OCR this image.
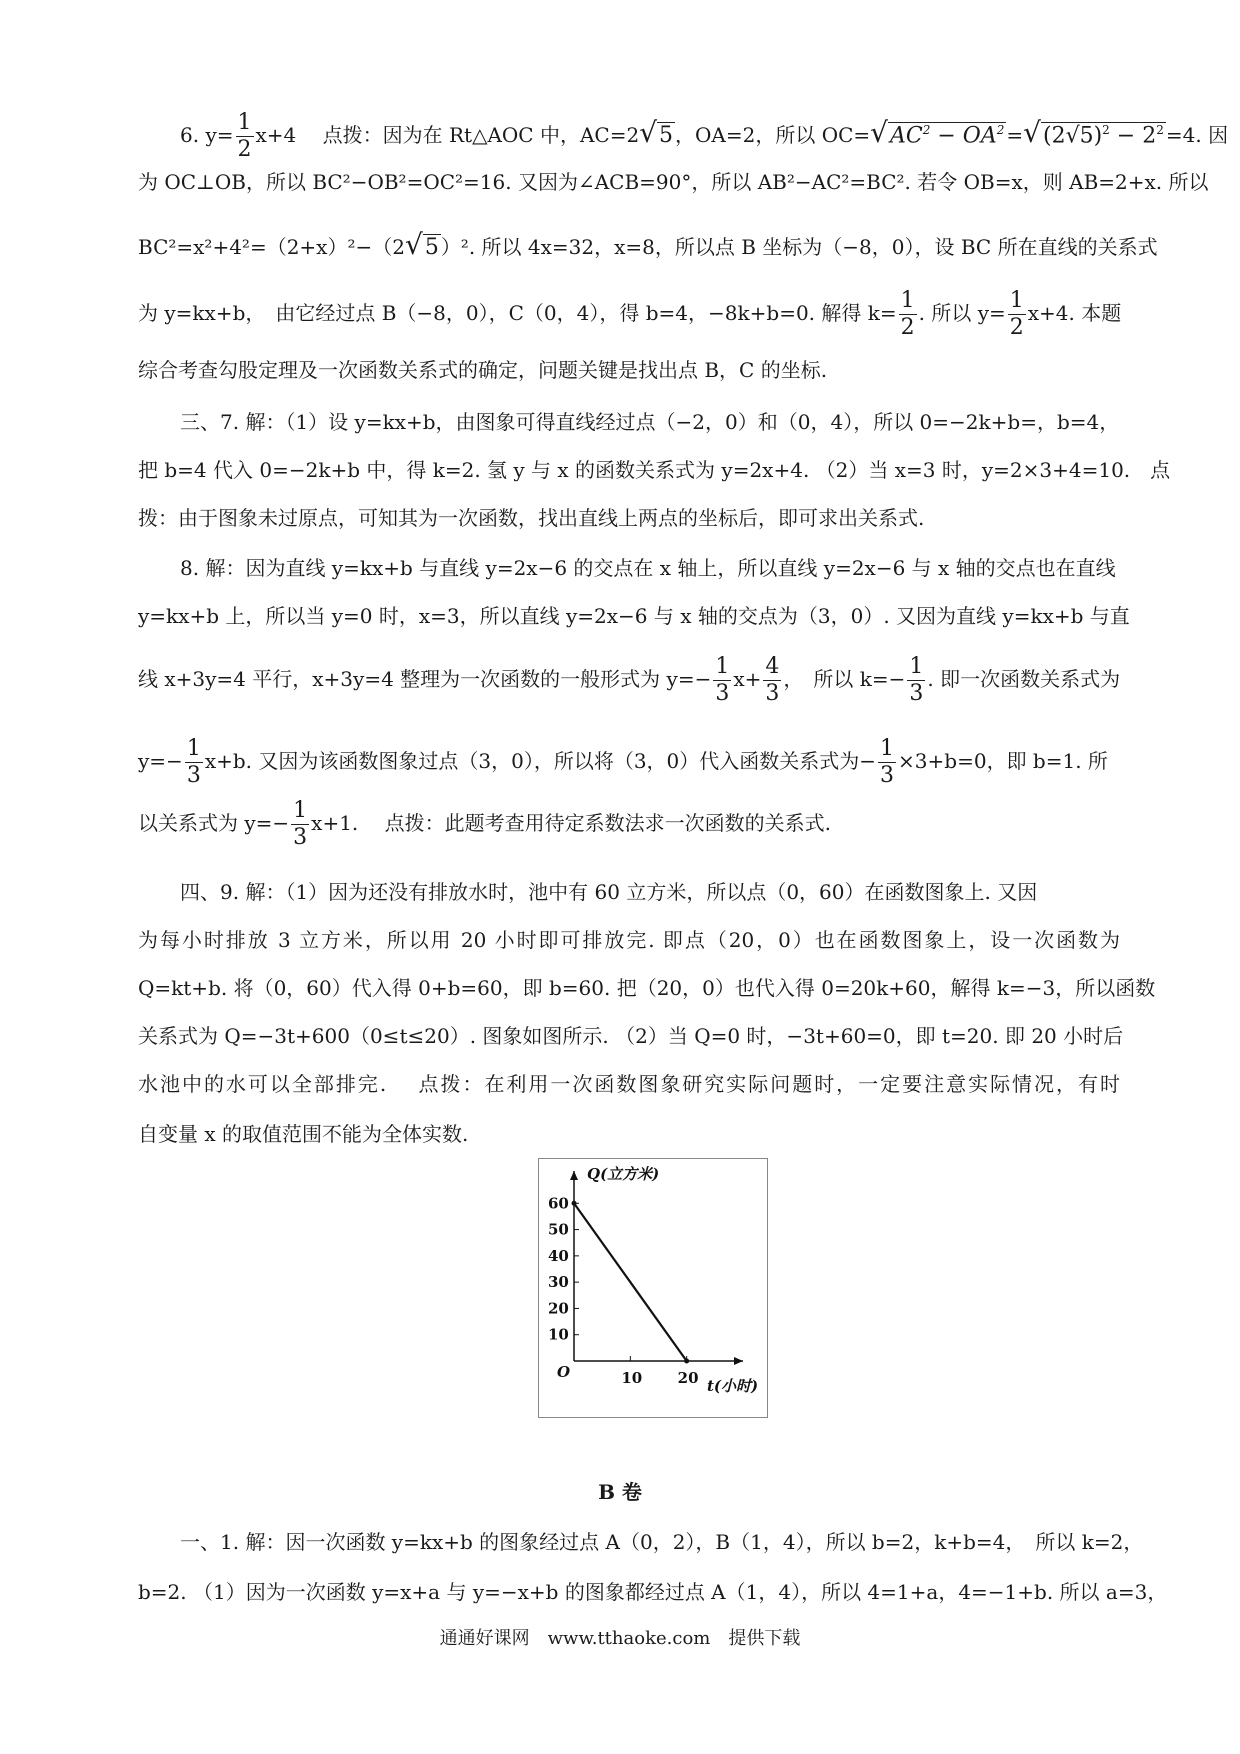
6. $y= \frac{1}{2} x+4$　 点拨：因为在 Rt△AOC 中，AC=2√5 ，OA=2，所以 $OC=√AC^2 - OA^2 =√(2√5)^2 - 2^2 =4$. 因
为 OC⊥OB，所以 BC²−OB²=OC²=16. 又因为∠ACB=90°，所以 AB²−AC²=BC². 若令 OB=x，则 AB=2+x. 所以
BC²=x²+4²=（2+x）²−（2√5 ）². 所以 4x=32，x=8，所以点 B 坐标为（−8，0），设 BC 所在直线的关系式
为 y=kx+b，　由它经过点 B（−8，0），C（0，4），得 b=4，−8k+b=0. 解得 $k= \frac{1}{2}$ . 所以 $y= \frac{1}{2} x+4$. 本题
综合考查勾股定理及一次函数关系式的确定，问题关键是找出点 B，C 的坐标.
三、7. 解：（1）设 y=kx+b，由图象可得直线经过点（−2，0）和（0，4），所以 0=−2k+b=，b=4，
把 b=4 代入 0=−2k+b 中，得 k=2. 氢 y 与 x 的函数关系式为 y=2x+4. （2）当 x=3 时，y=2×3+4=10.　点
拨：由于图象未过原点，可知其为一次函数，找出直线上两点的坐标后，即可求出关系式.
8. 解：因为直线 y=kx+b 与直线 y=2x−6 的交点在 x 轴上，所以直线 y=2x−6 与 x 轴的交点也在直线
y=kx+b 上，所以当 y=0 时，x=3，所以直线 y=2x−6 与 x 轴的交点为（3，0）. 又因为直线 y=kx+b 与直
线 x+3y=4 平行，x+3y=4 整理为一次函数的一般形式为 $y=- \frac{1}{3} x+ \frac{4}{3}$ ，　所以 $k=- \frac{1}{3}$ . 即一次函数关系式为
$y=- \frac{1}{3} x+b$. 又因为该函数图象过点（3，0），所以将（3，0）代入函数关系式为− $\frac{1}{3} \times 3+b=0$，即 b=1. 所
以关系式为 $y=- \frac{1}{3} x+1$.　 点拨：此题考查用待定系数法求一次函数的关系式.
四、9. 解：（1）因为还没有排放水时，池中有 60 立方米，所以点（0，60）在函数图象上. 又因
为每小时排放 3 立方米，所以用 20 小时即可排放完. 即点（20，0）也在函数图象上，设一次函数为
Q=kt+b. 将（0，60）代入得 0+b=60，即 b=60. 把（20，0）也代入得 0=20k+60，解得 k=−3，所以函数
关系式为 Q=−3t+600（0≤t≤20）. 图象如图所示. （2）当 Q=0 时，−3t+60=0，即 t=20. 即 20 小时后
水池中的水可以全部排完.　 点拨：在利用一次函数图象研究实际问题时，一定要注意实际情况，有时
自变量 x 的取值范围不能为全体实数.
Q(立方米)
t(小时)
O
10
20
30
40
50
60
10 20
B 卷
一、1. 解：因一次函数 y=kx+b 的图象经过点 A（0，2），B（1，4），所以 b=2，k+b=4，　所以 k=2，
b=2. （1）因为一次函数 y=x+a 与 y=−x+b 的图象都经过点 A（1，4），所以 4=1+a，4=−1+b. 所以 a=3，
通通好课网　www.tthaoke.com　提供下载
